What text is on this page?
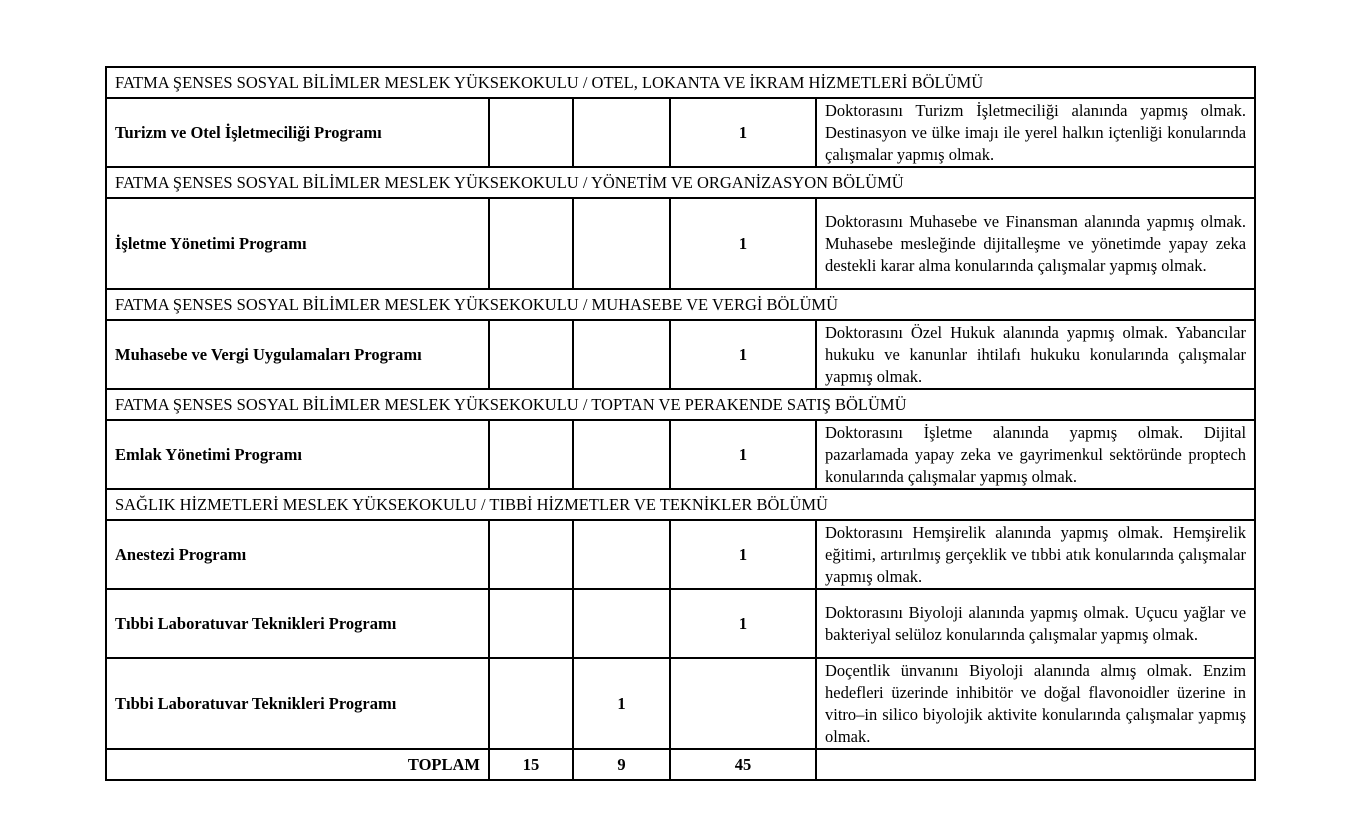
FATMA ŞENSES SOSYAL BİLİMLER MESLEK YÜKSEKOKULU / OTEL, LOKANTA VE İKRAM HİZMETLERİ BÖLÜMÜ				
Turizm ve Otel İşletmeciliği Programı			1	Doktorasını Turizm İşletmeciliği alanında yapmış olmak. Destinasyon ve ülke imajı ile yerel halkın içtenliği konularında çalışmalar yapmış olmak.
FATMA ŞENSES SOSYAL BİLİMLER MESLEK YÜKSEKOKULU / YÖNETİM VE ORGANİZASYON BÖLÜMÜ				
İşletme Yönetimi Programı			1	Doktorasını Muhasebe ve Finansman alanında yapmış olmak. Muhasebe mesleğinde dijitalleşme ve yönetimde yapay zeka destekli karar alma konularında çalışmalar yapmış olmak.
FATMA ŞENSES SOSYAL BİLİMLER MESLEK YÜKSEKOKULU / MUHASEBE VE VERGİ BÖLÜMÜ				
Muhasebe ve Vergi Uygulamaları Programı			1	Doktorasını Özel Hukuk alanında yapmış olmak. Yabancılar hukuku ve kanunlar ihtilafı hukuku konularında çalışmalar yapmış olmak.
FATMA ŞENSES SOSYAL BİLİMLER MESLEK YÜKSEKOKULU / TOPTAN VE PERAKENDE SATIŞ BÖLÜMÜ				
Emlak Yönetimi Programı			1	Doktorasını İşletme alanında yapmış olmak. Dijital pazarlamada yapay zeka ve gayrimenkul sektöründe proptech konularında çalışmalar yapmış olmak.
SAĞLIK HİZMETLERİ MESLEK YÜKSEKOKULU / TIBBİ HİZMETLER VE TEKNİKLER BÖLÜMÜ				
Anestezi Programı			1	Doktorasını Hemşirelik alanında yapmış olmak. Hemşirelik eğitimi, artırılmış gerçeklik ve tıbbi atık konularında çalışmalar yapmış olmak.
Tıbbi Laboratuvar Teknikleri Programı			1	Doktorasını Biyoloji alanında yapmış olmak. Uçucu yağlar ve bakteriyal selüloz konularında çalışmalar yapmış olmak.
Tıbbi Laboratuvar Teknikleri Programı		1		Doçentlik ünvanını Biyoloji alanında almış olmak. Enzim hedefleri üzerinde inhibitör ve doğal flavonoidler üzerine in vitro–in silico biyolojik aktivite konularında çalışmalar yapmış olmak.
TOPLAM	15	9	45	
